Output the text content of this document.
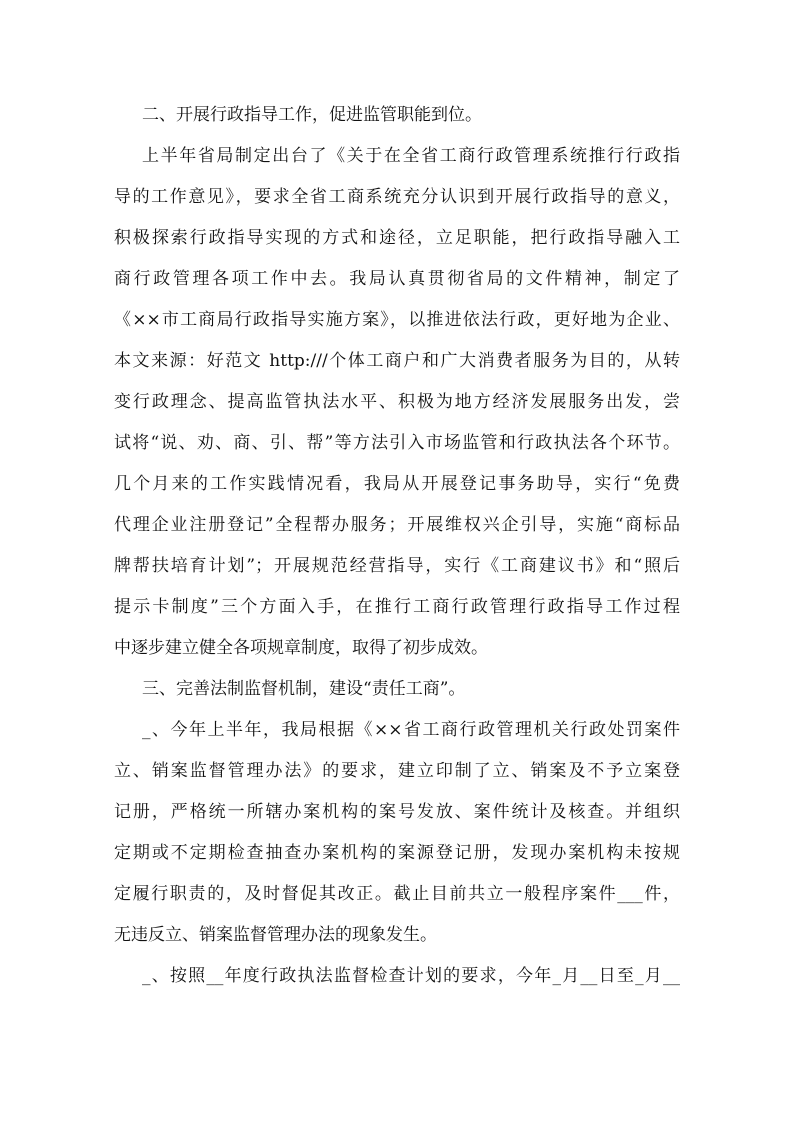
二、开展行政指导工作，促进监管职能到位。
上半年省局制定出台了《关于在全省工商行政管理系统推行行政指
导的工作意见》，要求全省工商系统充分认识到开展行政指导的意义，
积极探索行政指导实现的方式和途径，立足职能，把行政指导融入工
商行政管理各项工作中去。我局认真贯彻省局的文件精神，制定了
《××市工商局行政指导实施方案》，以推进依法行政，更好地为企业、
本文来源：好范文 http:///个体工商户和广大消费者服务为目的，从转
变行政理念、提高监管执法水平、积极为地方经济发展服务出发，尝
试将“说、劝、商、引、帮”等方法引入市场监管和行政执法各个环节。
几个月来的工作实践情况看，我局从开展登记事务助导，实行“免费
代理企业注册登记”全程帮办服务；开展维权兴企引导，实施“商标品
牌帮扶培育计划”；开展规范经营指导，实行《工商建议书》和“照后
提示卡制度”三个方面入手，在推行工商行政管理行政指导工作过程
中逐步建立健全各项规章制度，取得了初步成效。
三、完善法制监督机制，建设“责任工商”。
_、今年上半年，我局根据《××省工商行政管理机关行政处罚案件
立、销案监督管理办法》的要求，建立印制了立、销案及不予立案登
记册，严格统一所辖办案机构的案号发放、案件统计及核查。并组织
定期或不定期检查抽查办案机构的案源登记册，发现办案机构未按规
定履行职责的，及时督促其改正。截止目前共立一般程序案件___件，
无违反立、销案监督管理办法的现象发生。
_、按照__年度行政执法监督检查计划的要求，今年_月__日至_月__
